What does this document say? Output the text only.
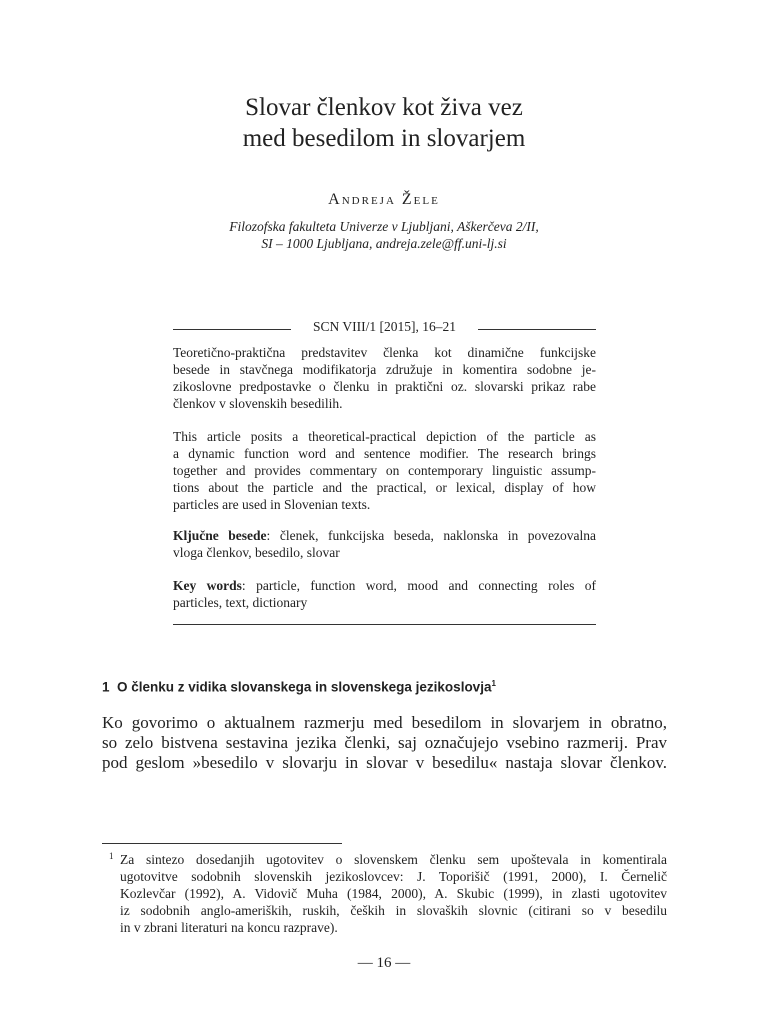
Slovar členkov kot živa vez
med besedilom in slovarjem
Andreja Žele
Filozofska fakulteta Univerze v Ljubljani, Aškerčeva 2/II,
SI – 1000 Ljubljana, andreja.zele@ff.uni-lj.si
SCN VIII/1 [2015], 16–21
Teoretično-praktična predstavitev členka kot dinamične funkcijske
besede in stavčnega modifikatorja združuje in komentira sodobne je-
zikoslovne predpostavke o členku in praktični oz. slovarski prikaz rabe
členkov v slovenskih besedilih.
This article posits a theoretical-practical depiction of the particle as
a dynamic function word and sentence modifier. The research brings
together and provides commentary on contemporary linguistic assump-
tions about the particle and the practical, or lexical, display of how
particles are used in Slovenian texts.
Ključne besede: členek, funkcijska beseda, naklonska in povezovalna
vloga členkov, besedilo, slovar
Key words: particle, function word, mood and connecting roles of
particles, text, dictionary
1 O členku z vidika slovanskega in slovenskega jezikoslovja$^1$
Ko govorimo o aktualnem razmerju med besedilom in slovarjem in obratno,
so zelo bistvena sestavina jezika členki, saj označujejo vsebino razmerij. Prav
pod geslom »besedilo v slovarju in slovar v besedilu« nastaja slovar členkov.
1 Za sintezo dosedanjih ugotovitev o slovenskem členku sem upoštevala in komentirala
ugotovitve sodobnih slovenskih jezikoslovcev: J. Toporišič (1991, 2000), I. Černelič
Kozlevčar (1992), A. Vidovič Muha (1984, 2000), A. Skubic (1999), in zlasti ugotovitev
iz sodobnih anglo-ameriških, ruskih, čeških in slovaških slovnic (citirani so v besedilu
in v zbrani literaturi na koncu razprave).
— 16 —
